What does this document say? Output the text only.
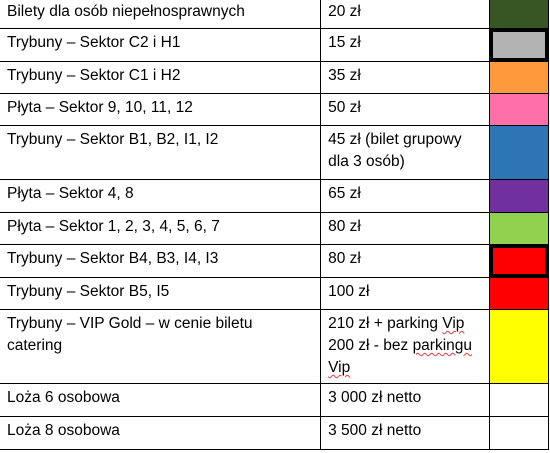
Bilety dla osób niepełnosprawnych	20 zł	

Trybuny – Sektor C2 i H1	15 zł	

Trybuny – Sektor C1 i H2	35 zł	

Płyta – Sektor 9, 10, 11, 12	50 zł	

Trybuny – Sektor B1, B2, I1, I2	45 zł (bilet grupowy
dla 3 osób)	

Płyta – Sektor 4, 8	65 zł	

Płyta – Sektor 1, 2, 3, 4, 5, 6, 7	80 zł	

Trybuny – Sektor B4, B3, I4, I3	80 zł	

Trybuny – Sektor B5, I5	100 zł	

Trybuny – VIP Gold – w cenie biletu
catering	210 zł + parking Vip
200 zł - bez parkingu
Vip	

Loża 6 osobowa	3 000 zł netto	

Loża 8 osobowa	3 500 zł netto	
